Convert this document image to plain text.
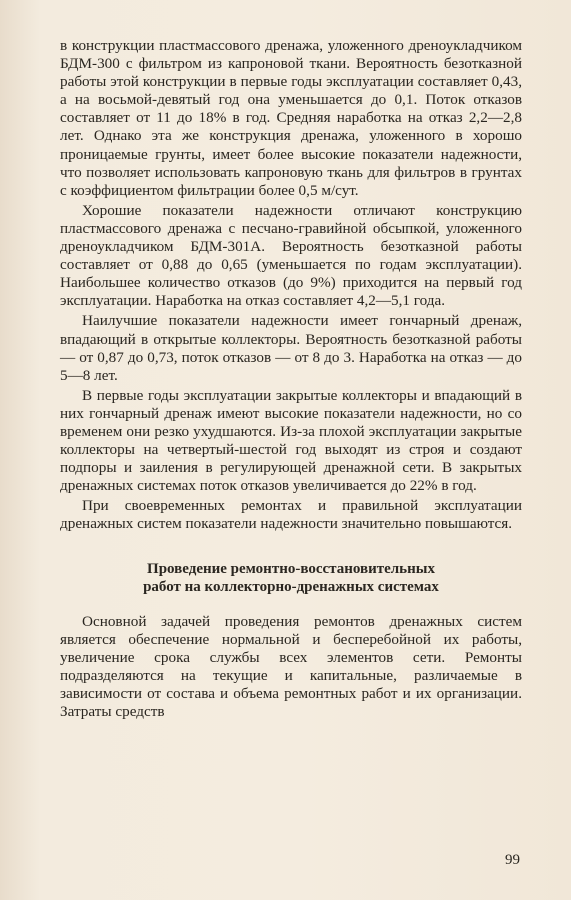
в конструкции пластмассового дренажа, уложенного дреноукладчиком БДМ-300 с фильтром из капроновой ткани. Вероятность безотказной работы этой конструкции в первые годы эксплуатации составляет 0,43, а на восьмой-девятый год она уменьшается до 0,1. Поток отказов составляет от 11 до 18% в год. Средняя наработка на отказ 2,2—2,8 лет. Однако эта же конструкция дренажа, уложенного в хорошо проницаемые грунты, имеет более высокие показатели надежности, что позволяет использовать капроновую ткань для фильтров в грунтах с коэффициентом фильтрации более 0,5 м/сут.

Хорошие показатели надежности отличают конструкцию пластмассового дренажа с песчано-гравийной обсыпкой, уложенного дреноукладчиком БДМ-301А. Вероятность безотказной работы составляет от 0,88 до 0,65 (уменьшается по годам эксплуатации). Наибольшее количество отказов (до 9%) приходится на первый год эксплуатации. Наработка на отказ составляет 4,2—5,1 года.

Наилучшие показатели надежности имеет гончарный дренаж, впадающий в открытые коллекторы. Вероятность безотказной работы — от 0,87 до 0,73, поток отказов — от 8 до 3. Наработка на отказ — до 5—8 лет.

В первые годы эксплуатации закрытые коллекторы и впадающий в них гончарный дренаж имеют высокие показатели надежности, но со временем они резко ухудшаются. Из-за плохой эксплуатации закрытые коллекторы на четвертый-шестой год выходят из строя и создают подпоры и заиления в регулирующей дренажной сети. В закрытых дренажных системах поток отказов увеличивается до 22% в год.

При своевременных ремонтах и правильной эксплуатации дренажных систем показатели надежности значительно повышаются.

Проведение ремонтно-восстановительных
работ на коллекторно-дренажных системах

Основной задачей проведения ремонтов дренажных систем является обеспечение нормальной и бесперебойной их работы, увеличение срока службы всех элементов сети. Ремонты подразделяются на текущие и капитальные, различаемые в зависимости от состава и объема ремонтных работ и их организации. Затраты средств

99
